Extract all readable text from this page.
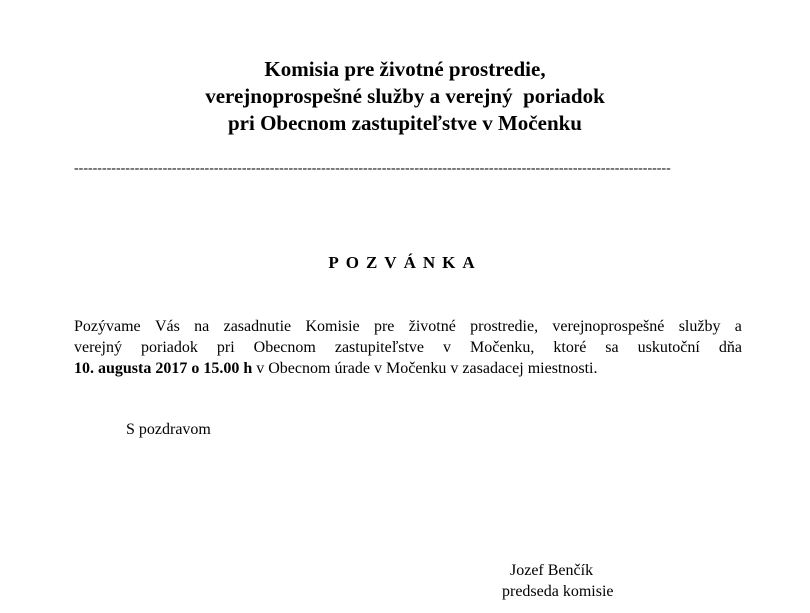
Komisia pre životné prostredie,
verejnoprospešné služby a verejný  poriadok
pri Obecnom zastupiteľstve v Močenku
--------------------------------------------------------------------------------------------------------------------------------
POZVÁNKA
Pozývame Vás na zasadnutie Komisie pre životné prostredie, verejnoprospešné služby a
verejný poriadok pri Obecnom zastupiteľstve v Močenku, ktoré sa uskutoční dňa
10. augusta 2017 o 15.00 h v Obecnom úrade v Močenku v zasadacej miestnosti.
S pozdravom
Jozef Benčík
predseda komisie
